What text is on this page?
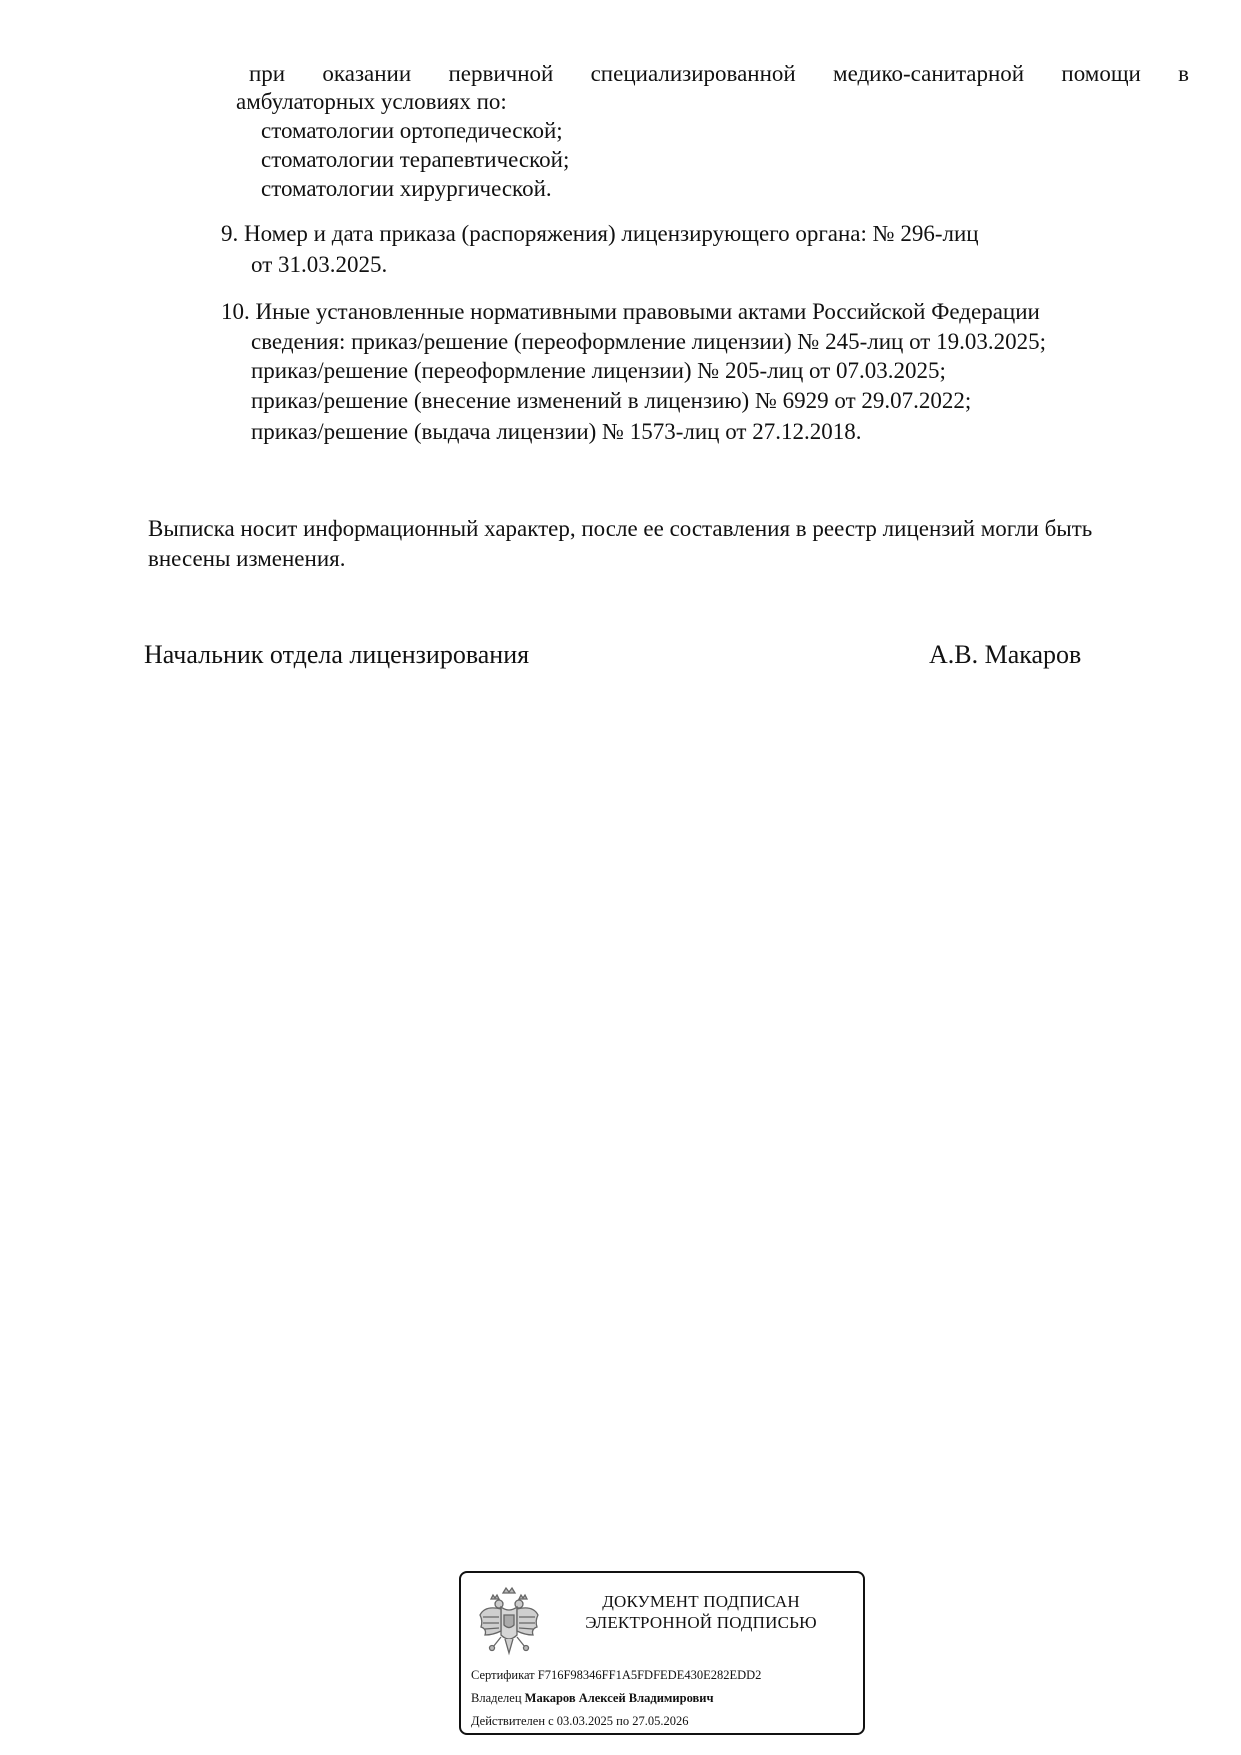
при оказании первичной специализированной медико-санитарной помощи в
амбулаторных условиях по:
стоматологии ортопедической;
стоматологии терапевтической;
стоматологии хирургической.
9. Номер и дата приказа (распоряжения) лицензирующего органа: № 296-лиц
от 31.03.2025.
10. Иные установленные нормативными правовыми актами Российской Федерации
сведения: приказ/решение (переоформление лицензии) № 245-лиц от 19.03.2025;
приказ/решение (переоформление лицензии) № 205-лиц от 07.03.2025;
приказ/решение (внесение изменений в лицензию) № 6929 от 29.07.2022;
приказ/решение (выдача лицензии) № 1573-лиц от 27.12.2018.
Выписка носит информационный характер, после ее составления в реестр лицензий могли быть
внесены изменения.
Начальник отдела лицензирования	А.В. Макаров
ДОКУМЕНТ ПОДПИСАН
ЭЛЕКТРОННОЙ ПОДПИСЬЮ
Сертификат F716F98346FF1A5FDFEDE430E282EDD2
Владелец Макаров Алексей Владимирович
Действителен с 03.03.2025 по 27.05.2026
